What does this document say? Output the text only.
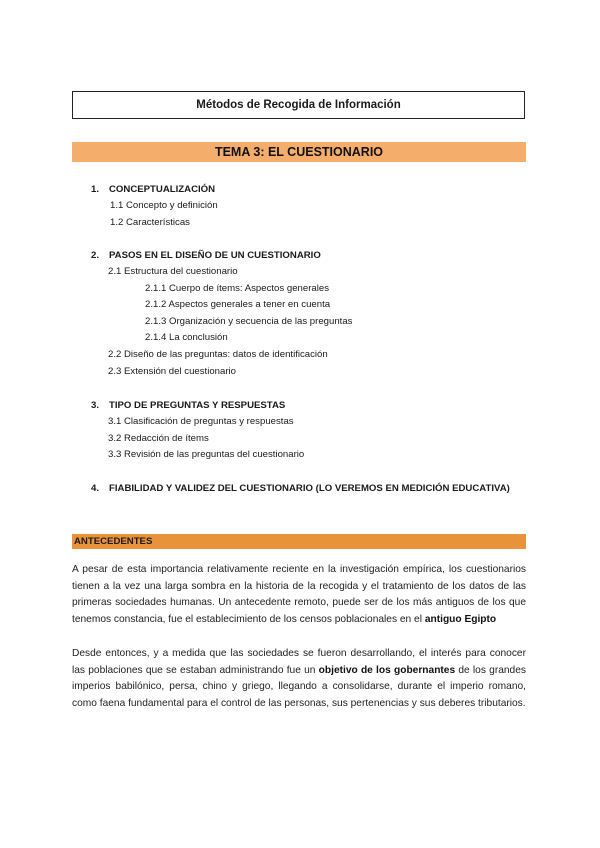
Métodos de Recogida de Información
TEMA 3: EL CUESTIONARIO
1. CONCEPTUALIZACIÓN
1.1 Concepto y definición
1.2 Características
2. PASOS EN EL DISEÑO DE UN CUESTIONARIO
2.1 Estructura del cuestionario
2.1.1 Cuerpo de ítems: Aspectos generales
2.1.2 Aspectos generales a tener en cuenta
2.1.3 Organización y secuencia de las preguntas
2.1.4 La conclusión
2.2 Diseño de las preguntas: datos de identificación
2.3 Extensión del cuestionario
3. TIPO DE PREGUNTAS Y RESPUESTAS
3.1 Clasificación de preguntas y respuestas
3.2 Redacción de ítems
3.3 Revisión de las preguntas del cuestionario
4. FIABILIDAD Y VALIDEZ DEL CUESTIONARIO (LO VEREMOS EN MEDICIÓN EDUCATIVA)
ANTECEDENTES

A pesar de esta importancia relativamente reciente en la investigación empírica, los cuestionarios tienen a la vez una larga sombra en la historia de la recogida y el tratamiento de los datos de las primeras sociedades humanas. Un antecedente remoto, puede ser de los más antiguos de los que tenemos constancia, fue el establecimiento de los censos poblacionales en el antiguo Egipto

Desde entonces, y a medida que las sociedades se fueron desarrollando, el interés para conocer las poblaciones que se estaban administrando fue un objetivo de los gobernantes de los grandes imperios babilónico, persa, chino y griego, llegando a consolidarse, durante el imperio romano, como faena fundamental para el control de las personas, sus pertenencias y sus deberes tributarios.
